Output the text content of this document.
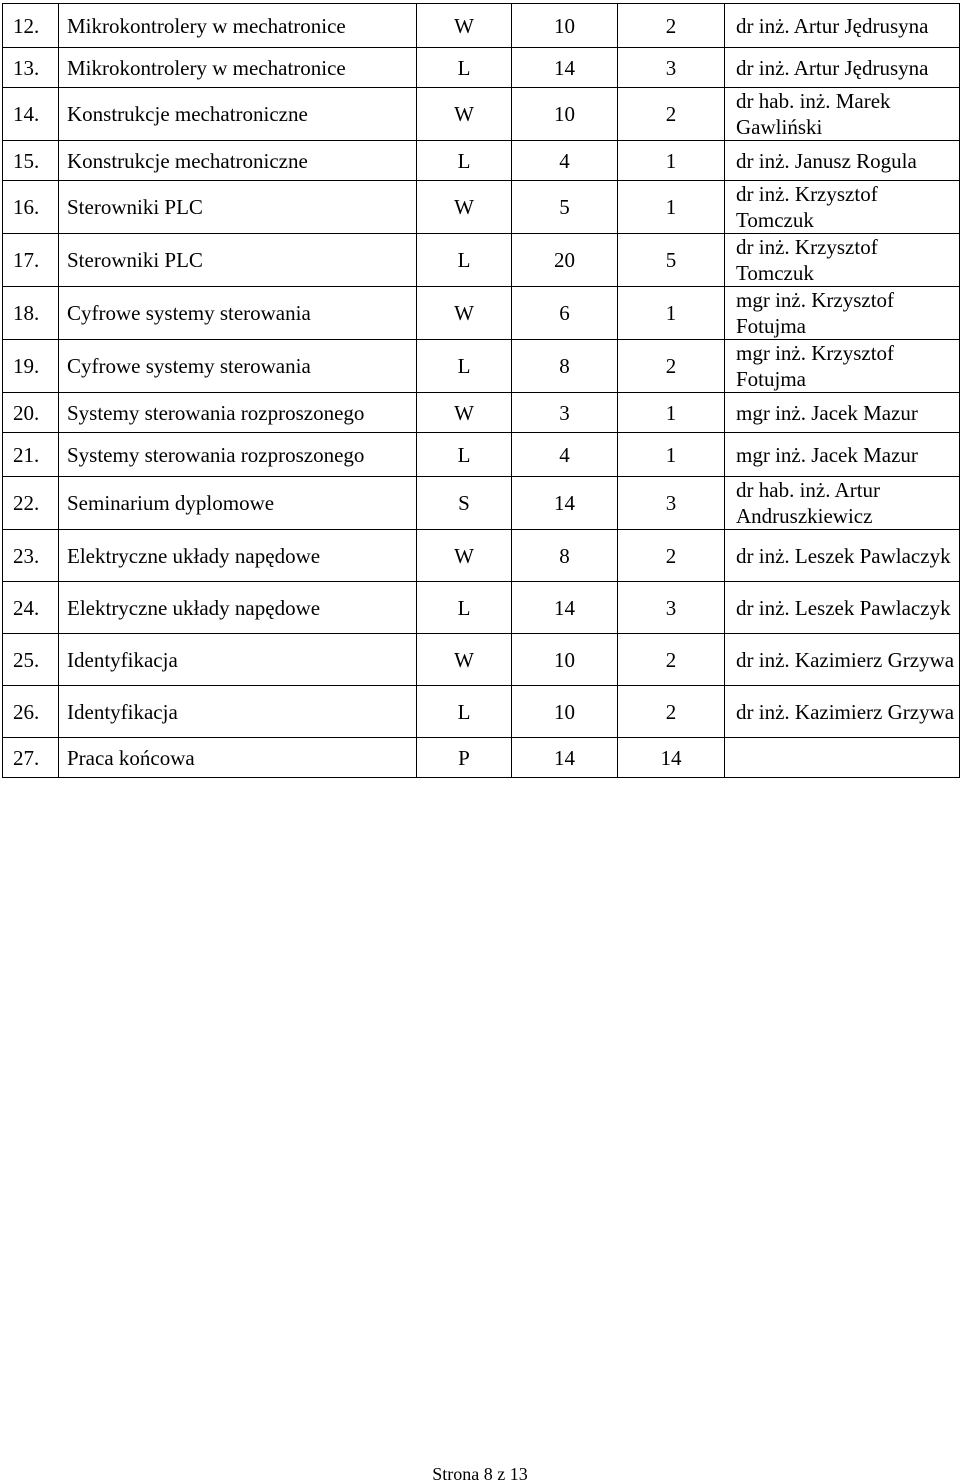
12.	Mikrokontrolery w mechatronice	W	10	2	dr inż. Artur Jędrusyna
13.	Mikrokontrolery w mechatronice	L	14	3	dr inż. Artur Jędrusyna
14.	Konstrukcje mechatroniczne	W	10	2	dr hab. inż. Marek Gawliński
15.	Konstrukcje mechatroniczne	L	4	1	dr inż. Janusz Rogula
16.	Sterowniki PLC	W	5	1	dr inż. Krzysztof Tomczuk
17.	Sterowniki PLC	L	20	5	dr inż. Krzysztof Tomczuk
18.	Cyfrowe systemy sterowania	W	6	1	mgr inż. Krzysztof Fotujma
19.	Cyfrowe systemy sterowania	L	8	2	mgr inż. Krzysztof Fotujma
20.	Systemy sterowania rozproszonego	W	3	1	mgr inż. Jacek Mazur
21.	Systemy sterowania rozproszonego	L	4	1	mgr inż. Jacek Mazur
22.	Seminarium dyplomowe	S	14	3	dr hab. inż. Artur Andruszkiewicz
23.	Elektryczne układy napędowe	W	8	2	dr inż. Leszek Pawlaczyk
24.	Elektryczne układy napędowe	L	14	3	dr inż. Leszek Pawlaczyk
25.	Identyfikacja	W	10	2	dr inż. Kazimierz Grzywa
26.	Identyfikacja	L	10	2	dr inż. Kazimierz Grzywa
27.	Praca końcowa	P	14	14	
Strona 8 z 13
